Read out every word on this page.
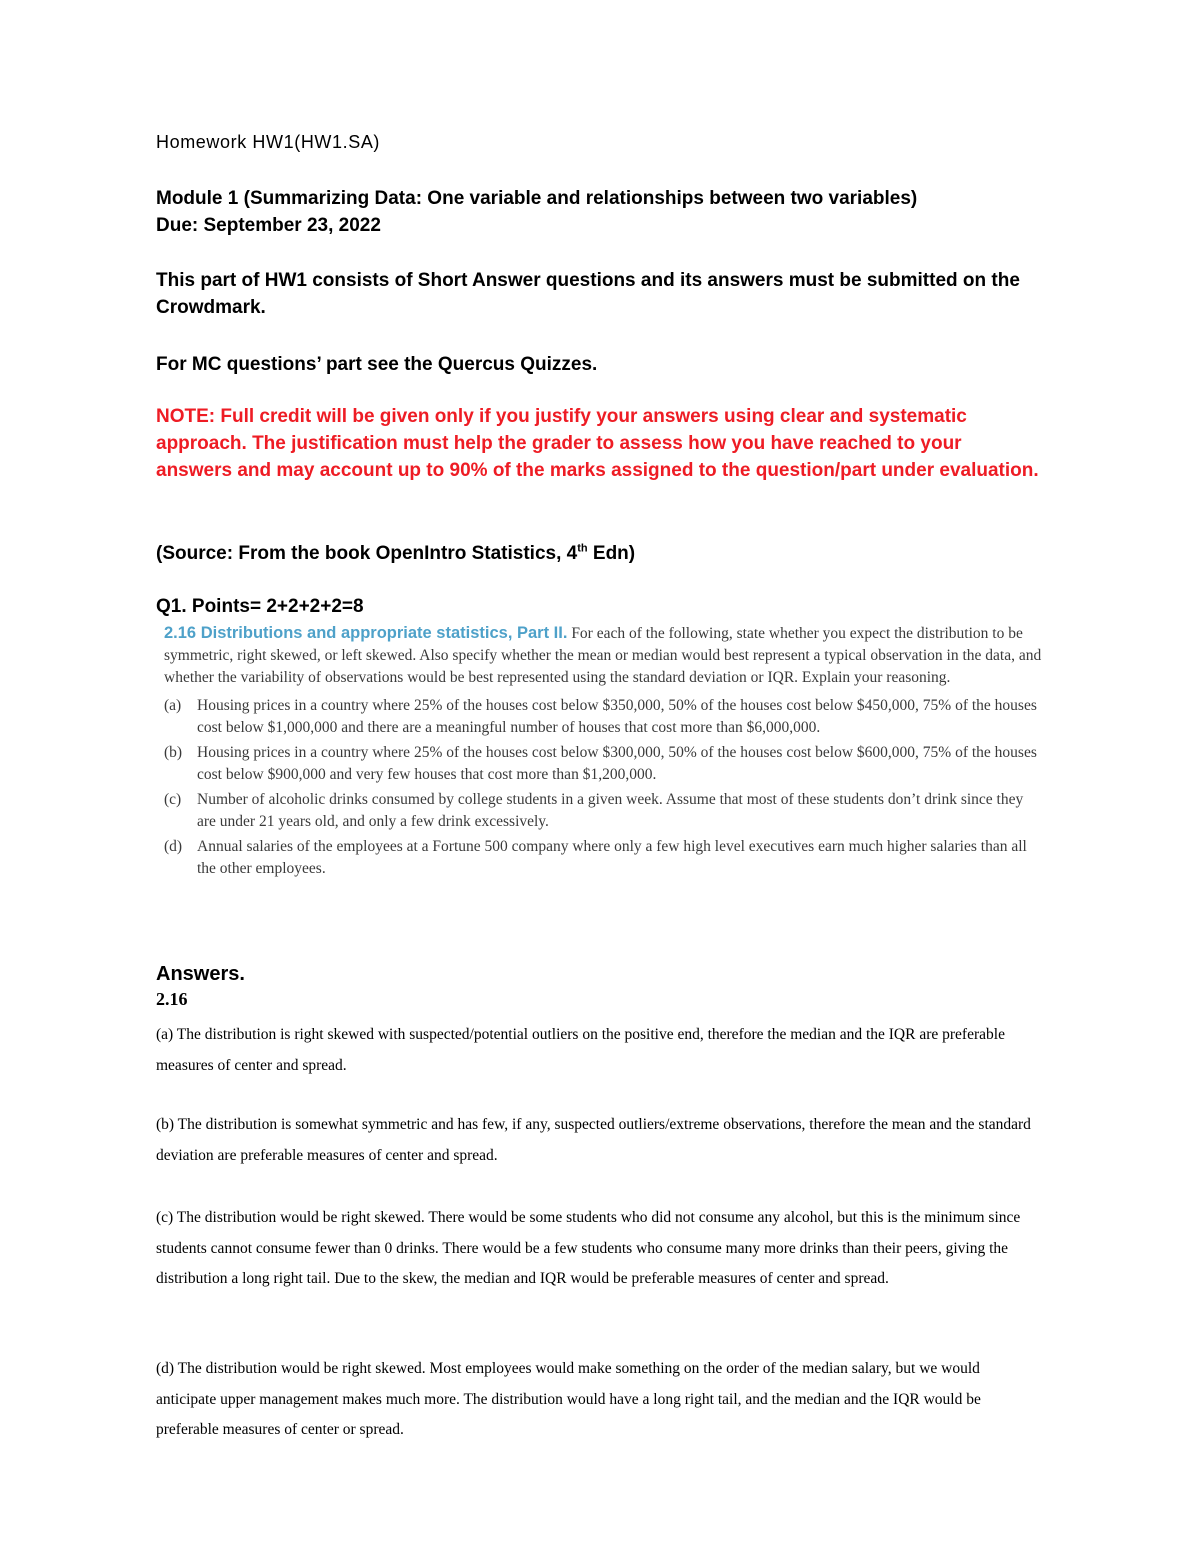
Homework HW1(HW1.SA)
Module 1 (Summarizing Data: One variable and relationships between two variables)
Due: September 23, 2022
This part of HW1 consists of Short Answer questions and its answers must be submitted on the Crowdmark.
For MC questions’ part see the Quercus Quizzes.
NOTE: Full credit will be given only if you justify your answers using clear and systematic approach. The justification must help the grader to assess how you have reached to your answers and may account up to 90% of the marks assigned to the question/part under evaluation.
(Source: From the book OpenIntro Statistics, 4th Edn)
Q1. Points= 2+2+2+2=8
2.16 Distributions and appropriate statistics, Part II. For each of the following, state whether you expect the distribution to be symmetric, right skewed, or left skewed. Also specify whether the mean or median would best represent a typical observation in the data, and whether the variability of observations would be best represented using the standard deviation or IQR. Explain your reasoning.
(a)	Housing prices in a country where 25% of the houses cost below $350,000, 50% of the houses cost below $450,000, 75% of the houses cost below $1,000,000 and there are a meaningful number of houses that cost more than $6,000,000.
(b) Housing prices in a country where 25% of the houses cost below $300,000, 50% of the houses cost below $600,000, 75% of the houses cost below $900,000 and very few houses that cost more than $1,200,000.
(c)	Number of alcoholic drinks consumed by college students in a given week. Assume that most of these students don’t drink since they are under 21 years old, and only a few drink excessively.
(d) Annual salaries of the employees at a Fortune 500 company where only a few high level executives earn much higher salaries than all the other employees.
Answers.
2.16
(a) The distribution is right skewed with suspected/potential outliers on the positive end, therefore the median and the IQR are preferable measures of center and spread.
(b) The distribution is somewhat symmetric and has few, if any, suspected outliers/extreme observations, therefore the mean and the standard deviation are preferable measures of center and spread.
(c) The distribution would be right skewed. There would be some students who did not consume any alcohol, but this is the minimum since students cannot consume fewer than 0 drinks. There would be a few students who consume many more drinks than their peers, giving the distribution a long right tail. Due to the skew, the median and IQR would be preferable measures of center and spread.
(d) The distribution would be right skewed. Most employees would make something on the order of the median salary, but we would anticipate upper management makes much more. The distribution would have a long right tail, and the median and the IQR would be preferable measures of center or spread.
